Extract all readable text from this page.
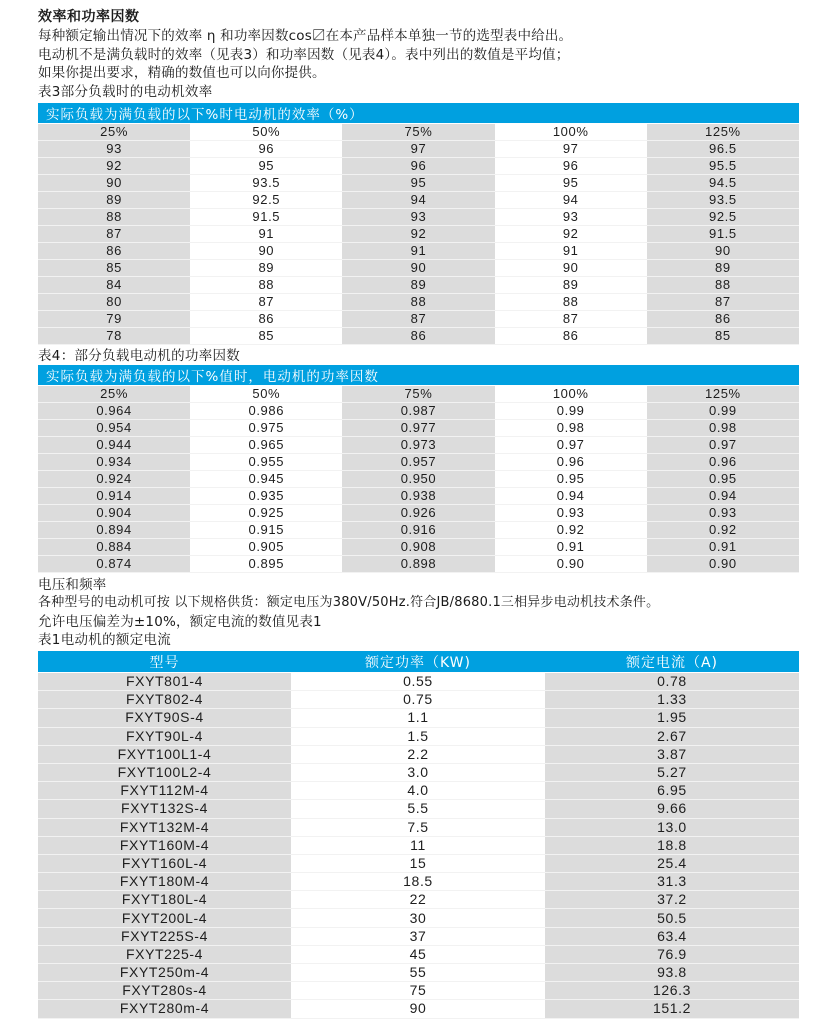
效率和功率因数
每种额定输出情况下的效率 η 和功率因数cos〼在本产品样本单独一节的选型表中给出。
电动机不是满负载时的效率（见表3）和功率因数（见表4）。表中列出的数值是平均值；
如果你提出要求，精确的数值也可以向你提供。
表3部分负载时的电动机效率
实际负载为满负载的以下%时电动机的效率（%）				
25%	50%	75%	100%	125%
93	96	97	97	96.5
92	95	96	96	95.5
90	93.5	95	95	94.5
89	92.5	94	94	93.5
88	91.5	93	93	92.5
87	91	92	92	91.5
86	90	91	91	90
85	89	90	90	89
84	88	89	89	88
80	87	88	88	87
79	86	87	87	86
78	85	86	86	85
表4：部分负载电动机的功率因数
实际负载为满负载的以下%值时，电动机的功率因数				
25%	50%	75%	100%	125%
0.964	0.986	0.987	0.99	0.99
0.954	0.975	0.977	0.98	0.98
0.944	0.965	0.973	0.97	0.97
0.934	0.955	0.957	0.96	0.96
0.924	0.945	0.950	0.95	0.95
0.914	0.935	0.938	0.94	0.94
0.904	0.925	0.926	0.93	0.93
0.894	0.915	0.916	0.92	0.92
0.884	0.905	0.908	0.91	0.91
0.874	0.895	0.898	0.90	0.90
电压和频率
各种型号的电动机可按 以下规格供货：额定电压为380V/50Hz.符合JB/8680.1三相异步电动机技术条件。
允许电压偏差为±10%，额定电流的数值见表1
表1电动机的额定电流
型号	额定功率（KW)	额定电流（A)
FXYT801-4	0.55	0.78
FXYT802-4	0.75	1.33
FXYT90S-4	1.1	1.95
FXYT90L-4	1.5	2.67
FXYT100L1-4	2.2	3.87
FXYT100L2-4	3.0	5.27
FXYT112M-4	4.0	6.95
FXYT132S-4	5.5	9.66
FXYT132M-4	7.5	13.0
FXYT160M-4	11	18.8
FXYT160L-4	15	25.4
FXYT180M-4	18.5	31.3
FXYT180L-4	22	37.2
FXYT200L-4	30	50.5
FXYT225S-4	37	63.4
FXYT225-4	45	76.9
FXYT250m-4	55	93.8
FXYT280s-4	75	126.3
FXYT280m-4	90	151.2
